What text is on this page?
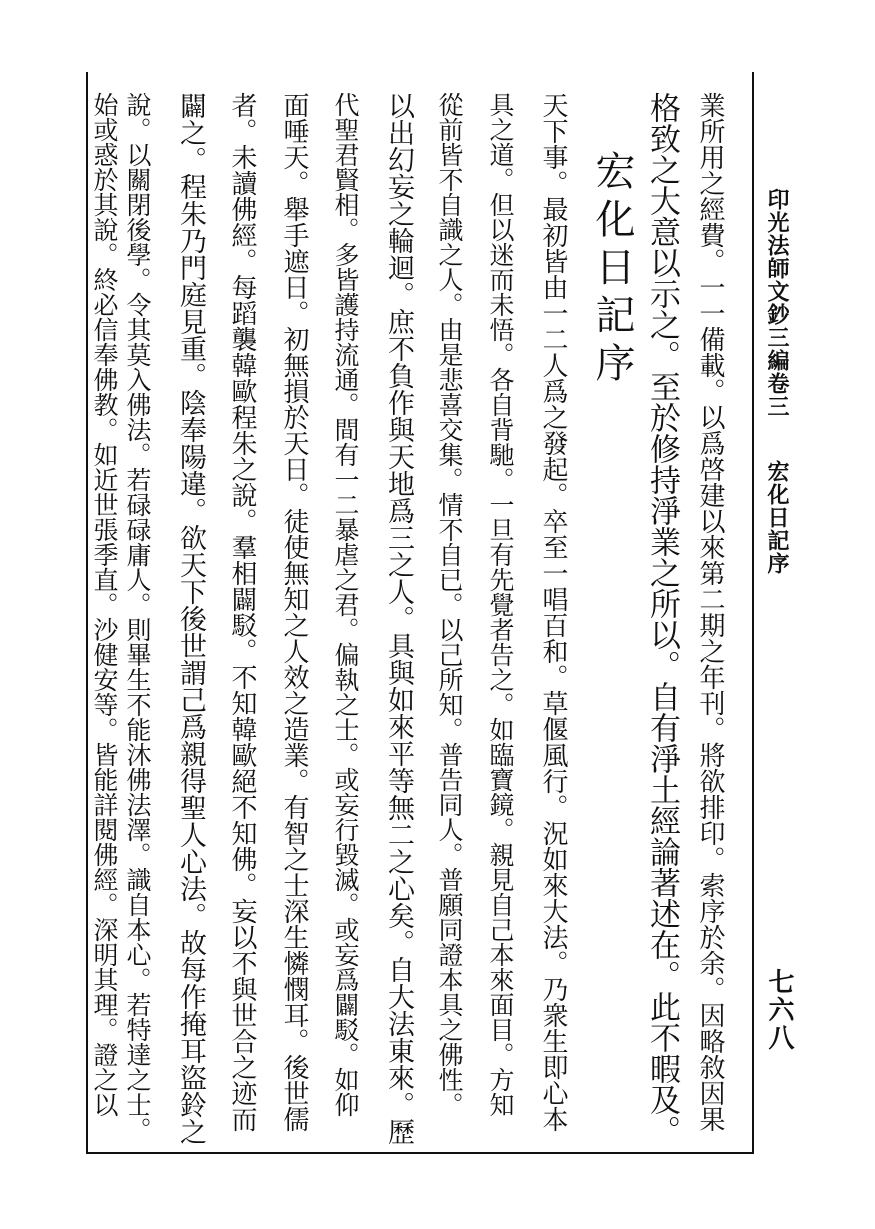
印光法師文鈔三編卷三
宏化日記序
七六八
業所用之經費。一一備載。以爲啓建以來第二期之年刊。將欲排印。索序於余。因略敘因果
格致之大意以示之。至於修持淨業之所以。自有淨土經論著述在。此不暇及。
宏化日記序
天下事。最初皆由一二人爲之發起。卒至一唱百和。草偃風行。況如來大法。乃衆生即心本
具之道。但以迷而未悟。各自背馳。一旦有先覺者告之。如臨寶鏡。親見自己本來面目。方知
從前皆不自識之人。由是悲喜交集。情不自已。以己所知。普告同人。普願同證本具之佛性。
以出幻妄之輪迴。庶不負作與天地爲三之人。具與如來平等無二之心矣。自大法東來。歷
代聖君賢相。多皆護持流通。間有一二暴虐之君。偏執之士。或妄行毀滅。或妄爲闢駁。如仰
面唾天。舉手遮日。初無損於天日。徒使無知之人效之造業。有智之士深生憐憫耳。後世儒
者。未讀佛經。每蹈襲韓歐程朱之說。羣相闢駁。不知韓歐絕不知佛。妄以不與世合之迹而
闢之。程朱乃門庭見重。陰奉陽違。欲天下後世謂己爲親得聖人心法。故每作掩耳盜鈴之
說。以關閉後學。令其莫入佛法。若碌碌庸人。則畢生不能沐佛法澤。識自本心。若特達之士。
始或惑於其說。終必信奉佛教。如近世張季直。沙健安等。皆能詳閱佛經。深明其理。證之以
